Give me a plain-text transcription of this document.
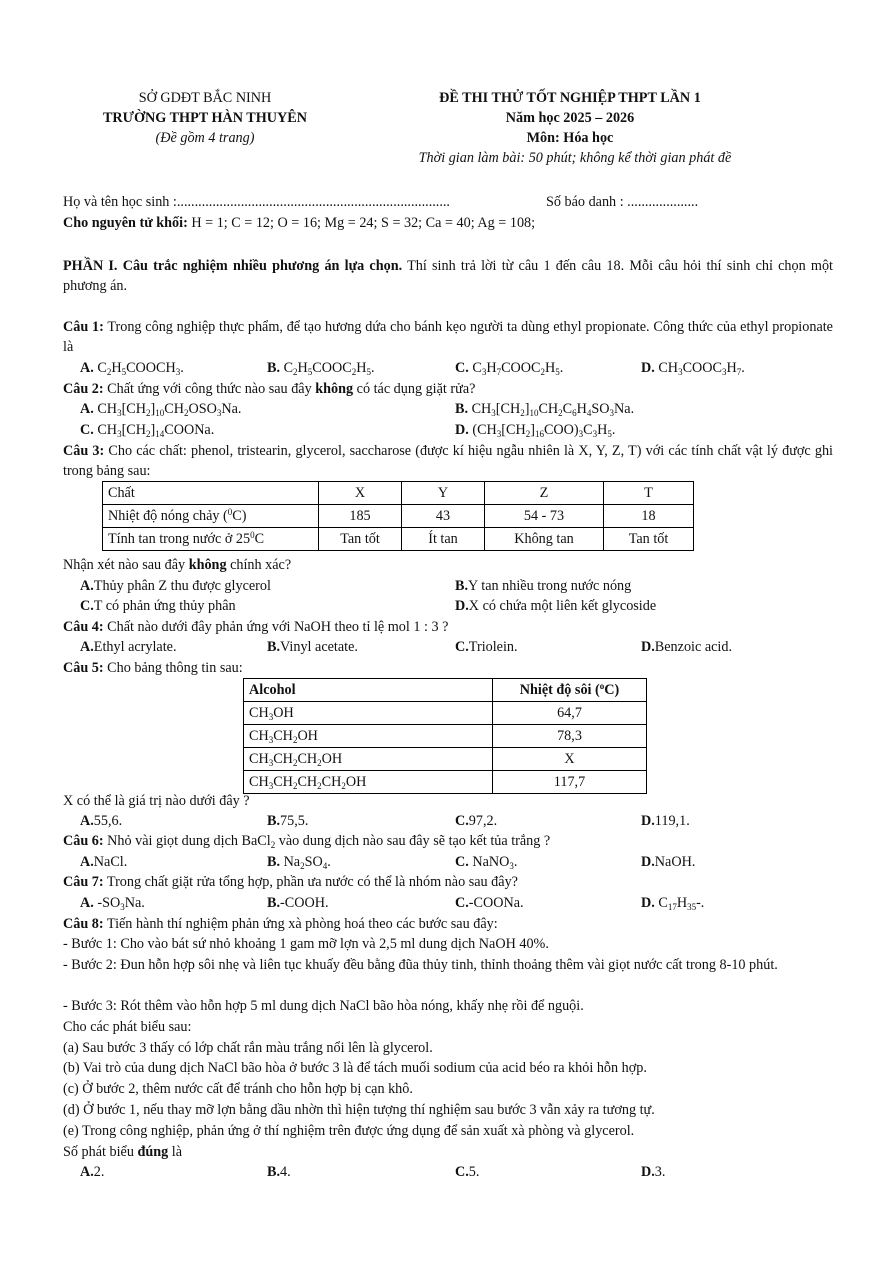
SỞ GDĐT BẮC NINH
TRƯỜNG THPT HÀN THUYÊN
(Đề gồm 4 trang)
ĐỀ THI THỬ TỐT NGHIỆP THPT LẦN 1
Năm học 2025 – 2026
Môn: Hóa học
Thời gian làm bài: 50 phút; không kể thời gian phát đề
Họ và tên học sinh :.............................................................................	Số báo danh : ....................
Cho nguyên tử khối: H = 1; C = 12; O = 16; Mg = 24; S = 32; Ca = 40; Ag = 108;
PHẦN I. Câu trắc nghiệm nhiều phương án lựa chọn. Thí sinh trả lời từ câu 1 đến câu 18. Mỗi câu hỏi thí sinh chỉ chọn một phương án.
Câu 1: Trong công nghiệp thực phẩm, để tạo hương dứa cho bánh kẹo người ta dùng ethyl propionate. Công thức của ethyl propionate là
A. $C_2H_5COOCH_3$.	B. $C_2H_5COOC_2H_5$.	C. $C_3H_7COOC_2H_5$.	D. $CH_3COOC_3H_7$.
Câu 2: Chất ứng với công thức nào sau đây không có tác dụng giặt rửa?
A. $CH_3[CH_2]_{10}CH_2OSO_3Na$.	B. $CH_3[CH_2]_{10}CH_2C_6H_4SO_3Na$.
C. $CH_3[CH_2]_{14}COONa$.	D. $(CH_3[CH_2]_{16}COO)_3C_3H_5$.
Câu 3: Cho các chất: phenol, tristearin, glycerol, saccharose (được kí hiệu ngẫu nhiên là X, Y, Z, T) với các tính chất vật lý được ghi trong bảng sau:
Chất	X	Y	Z	T
Nhiệt độ nóng chảy ($^0$C)	185	43	54 - 73	18
Tính tan trong nước ở $25^0C$	Tan tốt	Ít tan	Không tan	Tan tốt
Nhận xét nào sau đây không chính xác?
A. Thủy phân Z thu được glycerol	B. Y tan nhiều trong nước nóng
C. T có phản ứng thủy phân	D. X có chứa một liên kết glycoside
Câu 4: Chất nào dưới đây phản ứng với NaOH theo tỉ lệ mol 1 : 3 ?
A. Ethyl acrylate.	B. Vinyl acetate.	C. Triolein.	D. Benzoic acid.
Câu 5: Cho bảng thông tin sau:
Alcohol	Nhiệt độ sôi ($^o$C)
$CH_3OH$	64,7
$CH_3CH_2OH$	78,3
$CH_3CH_2CH_2OH$	X
$CH_3CH_2CH_2CH_2OH$	117,7
X có thể là giá trị nào dưới đây ?
A. 55,6.	B. 75,5.	C. 97,2.	D. 119,1.
Câu 6: Nhỏ vài giọt dung dịch BaCl$_2$ vào dung dịch nào sau đây sẽ tạo kết tủa trắng ?
A. NaCl.	B. $Na_2SO_4$.	C. NaNO$_3$.	D. NaOH.
Câu 7: Trong chất giặt rửa tổng hợp, phần ưa nước có thể là nhóm nào sau đây?
A. $-SO_3Na$.	B. -COOH.	C. -COONa.	D. $C_{17}H_{35}-$.
Câu 8: Tiến hành thí nghiệm phản ứng xà phòng hoá theo các bước sau đây:
- Bước 1: Cho vào bát sứ nhỏ khoảng 1 gam mỡ lợn và 2,5 ml dung dịch NaOH 40%.
- Bước 2: Đun hỗn hợp sôi nhẹ và liên tục khuấy đều bằng đũa thủy tinh, thỉnh thoảng thêm vài giọt nước cất trong 8-10 phút.
- Bước 3: Rót thêm vào hỗn hợp 5 ml dung dịch NaCl bão hòa nóng, khấy nhẹ rồi để nguội.
Cho các phát biểu sau:
(a) Sau bước 3 thấy có lớp chất rắn màu trắng nổi lên là glycerol.
(b) Vai trò của dung dịch NaCl bão hòa ở bước 3 là để tách muối sodium của acid béo ra khỏi hỗn hợp.
(c) Ở bước 2, thêm nước cất để tránh cho hỗn hợp bị cạn khô.
(d) Ở bước 1, nếu thay mỡ lợn bằng dầu nhờn thì hiện tượng thí nghiệm sau bước 3 vẫn xảy ra tương tự.
(e) Trong công nghiệp, phản ứng ở thí nghiệm trên được ứng dụng để sản xuất xà phòng và glycerol.
Số phát biểu đúng là
A. 2.	B. 4.	C. 5.	D. 3.
